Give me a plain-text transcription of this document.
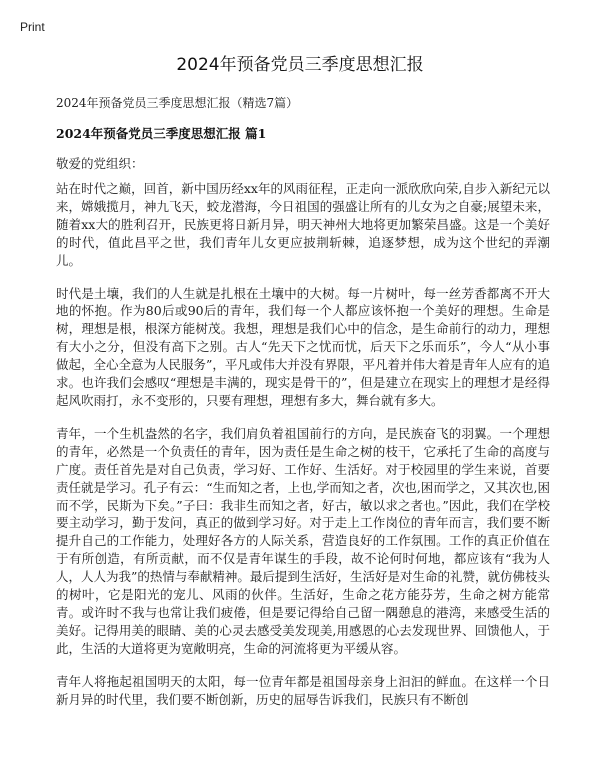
Print
2024年预备党员三季度思想汇报
2024年预备党员三季度思想汇报（精选7篇）
2024年预备党员三季度思想汇报 篇1
敬爱的党组织：

站在时代之巅，回首，新中国历经xx年的风雨征程，正走向一派欣欣向荣,自步入新纪元以来，嫦娥揽月，神九飞天，蛟龙潜海，今日祖国的强盛让所有的儿女为之自豪;展望未来，随着xx大的胜利召开，民族更将日新月异，明天神州大地将更加繁荣昌盛。这是一个美好的时代，值此昌平之世，我们青年儿女更应披荆斩棘，追逐梦想，成为这个世纪的弄潮儿。

时代是土壤，我们的人生就是扎根在土壤中的大树。每一片树叶，每一丝芳香都离不开大地的怀抱。作为80后或90后的青年，我们每一个人都应该怀抱一个美好的理想。生命是树，理想是根，根深方能树茂。我想，理想是我们心中的信念，是生命前行的动力，理想有大小之分，但没有高下之别。古人“先天下之忧而忧，后天下之乐而乐”，今人“从小事做起，全心全意为人民服务”，平凡或伟大并没有界限，平凡着并伟大着是青年人应有的追求。也许我们会感叹“理想是丰满的，现实是骨干的”，但是建立在现实上的理想才是经得起风吹雨打，永不变形的，只要有理想，理想有多大，舞台就有多大。

青年，一个生机盎然的名字，我们肩负着祖国前行的方向，是民族奋飞的羽翼。一个理想的青年，必然是一个负责任的青年，因为责任是生命之树的枝干，它承托了生命的高度与广度。责任首先是对自己负责，学习好、工作好、生活好。对于校园里的学生来说，首要责任就是学习。孔子有云：“生而知之者，上也,学而知之者，次也,困而学之，又其次也,困而不学，民斯为下矣。”子曰：我非生而知之者，好古，敏以求之者也。”因此，我们在学校要主动学习，勤于发问，真正的做到学习好。对于走上工作岗位的青年而言，我们要不断提升自己的工作能力，处理好各方的人际关系，营造良好的工作氛围。工作的真正价值在于有所创造，有所贡献，而不仅是青年谋生的手段，故不论何时何地，都应该有“我为人人，人人为我”的热情与奉献精神。最后提到生活好，生活好是对生命的礼赞，就仿佛枝头的树叶，它是阳光的宠儿、风雨的伙伴。生活好，生命之花方能芬芳，生命之树方能常青。或许时不我与也常让我们疲倦，但是要记得给自己留一隅憩息的港湾，来感受生活的美好。记得用美的眼睛、美的心灵去感受美发现美,用感恩的心去发现世界、回馈他人，于此，生活的大道将更为宽敞明亮，生命的河流将更为平缓从容。

青年人将拖起祖国明天的太阳，每一位青年都是祖国母亲身上汩汩的鲜血。在这样一个日新月异的时代里，我们要不断创新，历史的屈辱告诉我们，民族只有不断创
